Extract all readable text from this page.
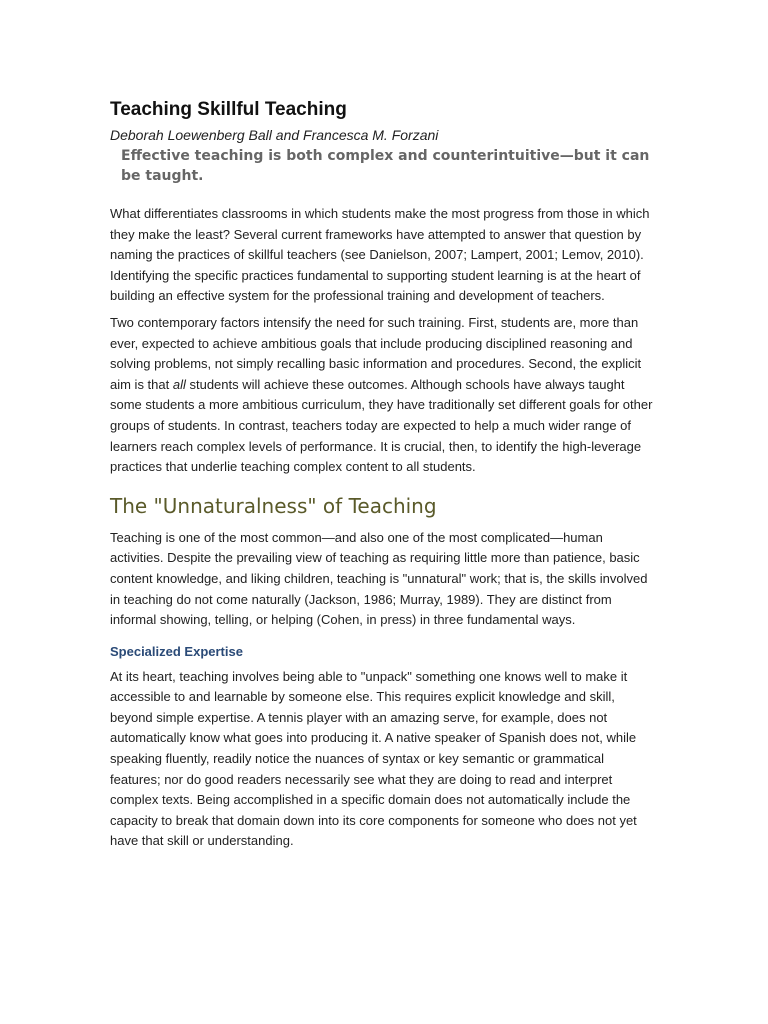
Teaching Skillful Teaching

Deborah Loewenberg Ball and Francesca M. Forzani

Effective teaching is both complex and counterintuitive—but it can be taught.

What differentiates classrooms in which students make the most progress from those in which they make the least? Several current frameworks have attempted to answer that question by naming the practices of skillful teachers (see Danielson, 2007; Lampert, 2001; Lemov, 2010). Identifying the specific practices fundamental to supporting student learning is at the heart of building an effective system for the professional training and development of teachers.

Two contemporary factors intensify the need for such training. First, students are, more than ever, expected to achieve ambitious goals that include producing disciplined reasoning and solving problems, not simply recalling basic information and procedures. Second, the explicit aim is that all students will achieve these outcomes. Although schools have always taught some students a more ambitious curriculum, they have traditionally set different goals for other groups of students. In contrast, teachers today are expected to help a much wider range of learners reach complex levels of performance. It is crucial, then, to identify the high-leverage practices that underlie teaching complex content to all students.

The "Unnaturalness" of Teaching

Teaching is one of the most common—and also one of the most complicated—human activities. Despite the prevailing view of teaching as requiring little more than patience, basic content knowledge, and liking children, teaching is "unnatural" work; that is, the skills involved in teaching do not come naturally (Jackson, 1986; Murray, 1989). They are distinct from informal showing, telling, or helping (Cohen, in press) in three fundamental ways.

Specialized Expertise

At its heart, teaching involves being able to "unpack" something one knows well to make it accessible to and learnable by someone else. This requires explicit knowledge and skill, beyond simple expertise. A tennis player with an amazing serve, for example, does not automatically know what goes into producing it. A native speaker of Spanish does not, while speaking fluently, readily notice the nuances of syntax or key semantic or grammatical features; nor do good readers necessarily see what they are doing to read and interpret complex texts. Being accomplished in a specific domain does not automatically include the capacity to break that domain down into its core components for someone who does not yet have that skill or understanding.
